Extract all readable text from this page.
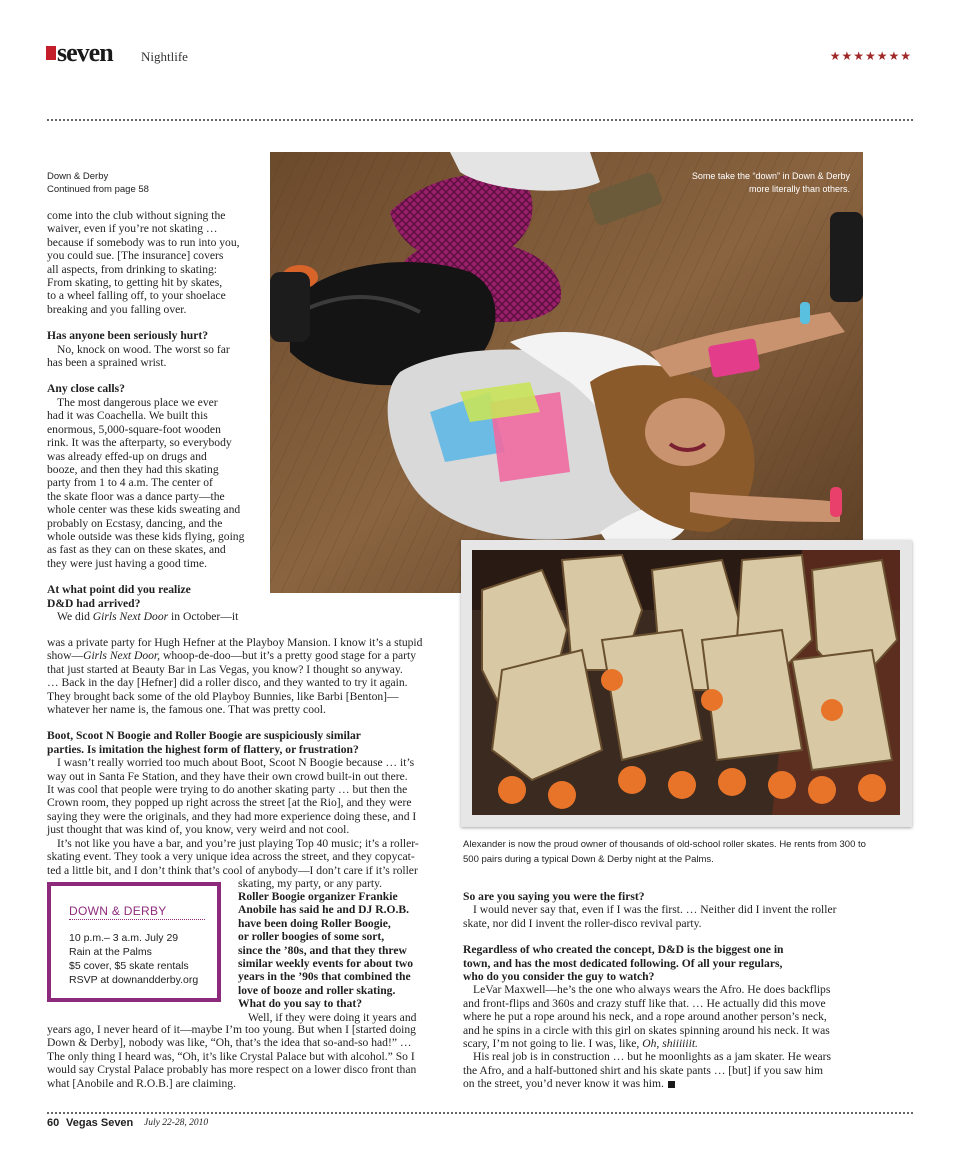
seven Nightlife	★★★★★★★
Some take the “down” in Down & Derby
more literally than others.
Alexander is now the proud owner of thousands of old-school roller skates. He rents from 300 to
500 pairs during a typical Down & Derby night at the Palms.
Down & Derby
Continued from page 58

come into the club without signing the

waiver, even if you’re not skating …

because if somebody was to run into you,

you could sue. [The insurance] covers

all aspects, from drinking to skating:

From skating, to getting hit by skates,

to a wheel falling off, to your shoelace

breaking and you falling over.

Has anyone been seriously hurt?

No, knock on wood. The worst so far

has been a sprained wrist.

Any close calls?

The most dangerous place we ever

had it was Coachella. We built this

enormous, 5,000-square-foot wooden

rink. It was the afterparty, so everybody

was already effed-up on drugs and

booze, and then they had this skating

party from 1 to 4 a.m. The center of

the skate floor was a dance party—the

whole center was these kids sweating and

probably on Ecstasy, dancing, and the

whole outside was these kids flying, going

as fast as they can on these skates, and

they were just having a good time.

At what point did you realize

D&D had arrived?

We did Girls Next Door in October—it

was a private party for Hugh Hefner at the Playboy Mansion. I know it’s a stupid

show—Girls Next Door, whoop-de-doo—but it’s a pretty good stage for a party

that just started at Beauty Bar in Las Vegas, you know? I thought so anyway.

… Back in the day [Hefner] did a roller disco, and they wanted to try it again.

They brought back some of the old Playboy Bunnies, like Barbi [Benton]—

whatever her name is, the famous one. That was pretty cool.

Boot, Scoot N Boogie and Roller Boogie are suspiciously similar

parties. Is imitation the highest form of flattery, or frustration?

I wasn’t really worried too much about Boot, Scoot N Boogie because … it’s

way out in Santa Fe Station, and they have their own crowd built-in out there.

It was cool that people were trying to do another skating party … but then the

Crown room, they popped up right across the street [at the Rio], and they were

saying they were the originals, and they had more experience doing these, and I

just thought that was kind of, you know, very weird and not cool.

It’s not like you have a bar, and you’re just playing Top 40 music; it’s a roller-

skating event. They took a very unique idea across the street, and they copycat-

ted a little bit, and I don’t think that’s cool of anybody—I don’t care if it’s roller

skating, my party, or any party.

DOWN & DERBY
10 p.m.– 3 a.m. July 29
Rain at the Palms
$5 cover, $5 skate rentals
RSVP at downandderby.org

Roller Boogie organizer Frankie

Anobile has said he and DJ R.O.B.

have been doing Roller Boogie,

or roller boogies of some sort,

since the ’80s, and that they threw

similar weekly events for about two

years in the ’90s that combined the

love of booze and roller skating.

What do you say to that?

Well, if they were doing it years and

years ago, I never heard of it—maybe I’m too young. But when I [started doing

Down & Derby], nobody was like, “Oh, that’s the idea that so-and-so had!” …

The only thing I heard was, “Oh, it’s like Crystal Palace but with alcohol.” So I

would say Crystal Palace probably has more respect on a lower disco front than

what [Anobile and R.O.B.] are claiming.

So are you saying you were the first?

I would never say that, even if I was the first. … Neither did I invent the roller

skate, nor did I invent the roller-disco revival party.

Regardless of who created the concept, D&D is the biggest one in

town, and has the most dedicated following. Of all your regulars,

who do you consider the guy to watch?

LeVar Maxwell—he’s the one who always wears the Afro. He does backflips

and front-flips and 360s and crazy stuff like that. … He actually did this move

where he put a rope around his neck, and a rope around another person’s neck,

and he spins in a circle with this girl on skates spinning around his neck. It was

scary, I’m not going to lie. I was, like, Oh, shiiiiiit.

His real job is in construction … but he moonlights as a jam skater. He wears

the Afro, and a half-buttoned shirt and his skate pants … [but] if you saw him

on the street, you’d never know it was him.

60 Vegas Seven July 22-28, 2010
